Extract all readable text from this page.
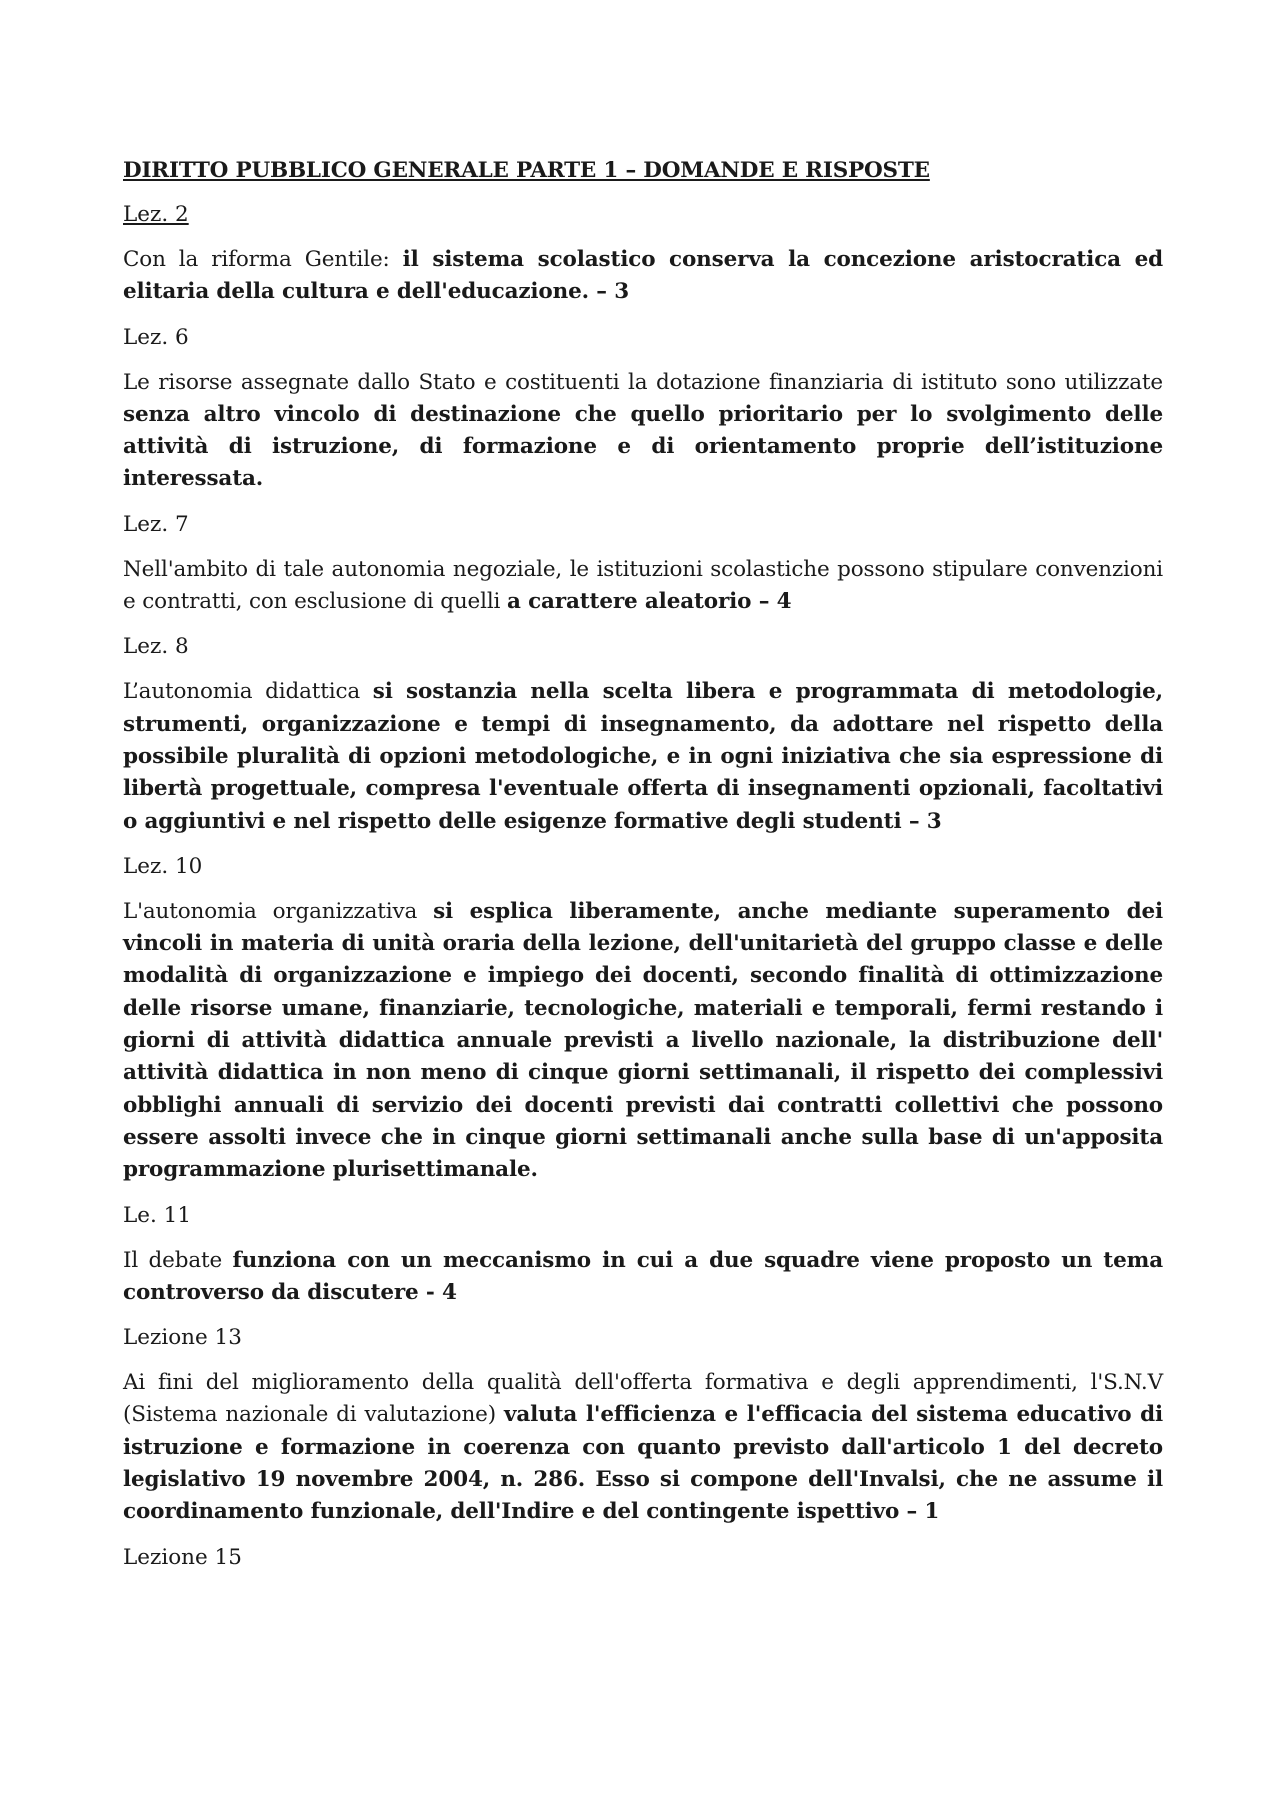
DIRITTO PUBBLICO GENERALE PARTE 1 – DOMANDE E RISPOSTE
Lez. 2

Con la riforma Gentile: il sistema scolastico conserva la concezione aristocratica ed elitaria della cultura e dell'educazione. – 3

Lez. 6

Le risorse assegnate dallo Stato e costituenti la dotazione finanziaria di istituto sono utilizzate senza altro vincolo di destinazione che quello prioritario per lo svolgimento delle attività di istruzione, di formazione e di orientamento proprie dell’istituzione interessata.

Lez. 7

Nell'ambito di tale autonomia negoziale, le istituzioni scolastiche possono stipulare convenzioni e contratti, con esclusione di quelli a carattere aleatorio – 4

Lez. 8

L’autonomia didattica si sostanzia nella scelta libera e programmata di metodologie, strumenti, organizzazione e tempi di insegnamento, da adottare nel rispetto della possibile pluralità di opzioni metodologiche, e in ogni iniziativa che sia espressione di libertà progettuale, compresa l'eventuale offerta di insegnamenti opzionali, facoltativi o aggiuntivi e nel rispetto delle esigenze formative degli studenti – 3

Lez. 10

L'autonomia organizzativa si esplica liberamente, anche mediante superamento dei vincoli in materia di unità oraria della lezione, dell'unitarietà del gruppo classe e delle modalità di organizzazione e impiego dei docenti, secondo finalità di ottimizzazione delle risorse umane, finanziarie, tecnologiche, materiali e temporali, fermi restando i giorni di attività didattica annuale previsti a livello nazionale, la distribuzione dell' attività didattica in non meno di cinque giorni settimanali, il rispetto dei complessivi obblighi annuali di servizio dei docenti previsti dai contratti collettivi che possono essere assolti invece che in cinque giorni settimanali anche sulla base di un'apposita programmazione plurisettimanale.

Le. 11

Il debate funziona con un meccanismo in cui a due squadre viene proposto un tema controverso da discutere - 4

Lezione 13

Ai fini del miglioramento della qualità dell'offerta formativa e degli apprendimenti, l'S.N.V (Sistema nazionale di valutazione) valuta l'efficienza e l'efficacia del sistema educativo di istruzione e formazione in coerenza con quanto previsto dall'articolo 1 del decreto legislativo 19 novembre 2004, n. 286. Esso si compone dell'Invalsi, che ne assume il coordinamento funzionale, dell'Indire e del contingente ispettivo – 1

Lezione 15
